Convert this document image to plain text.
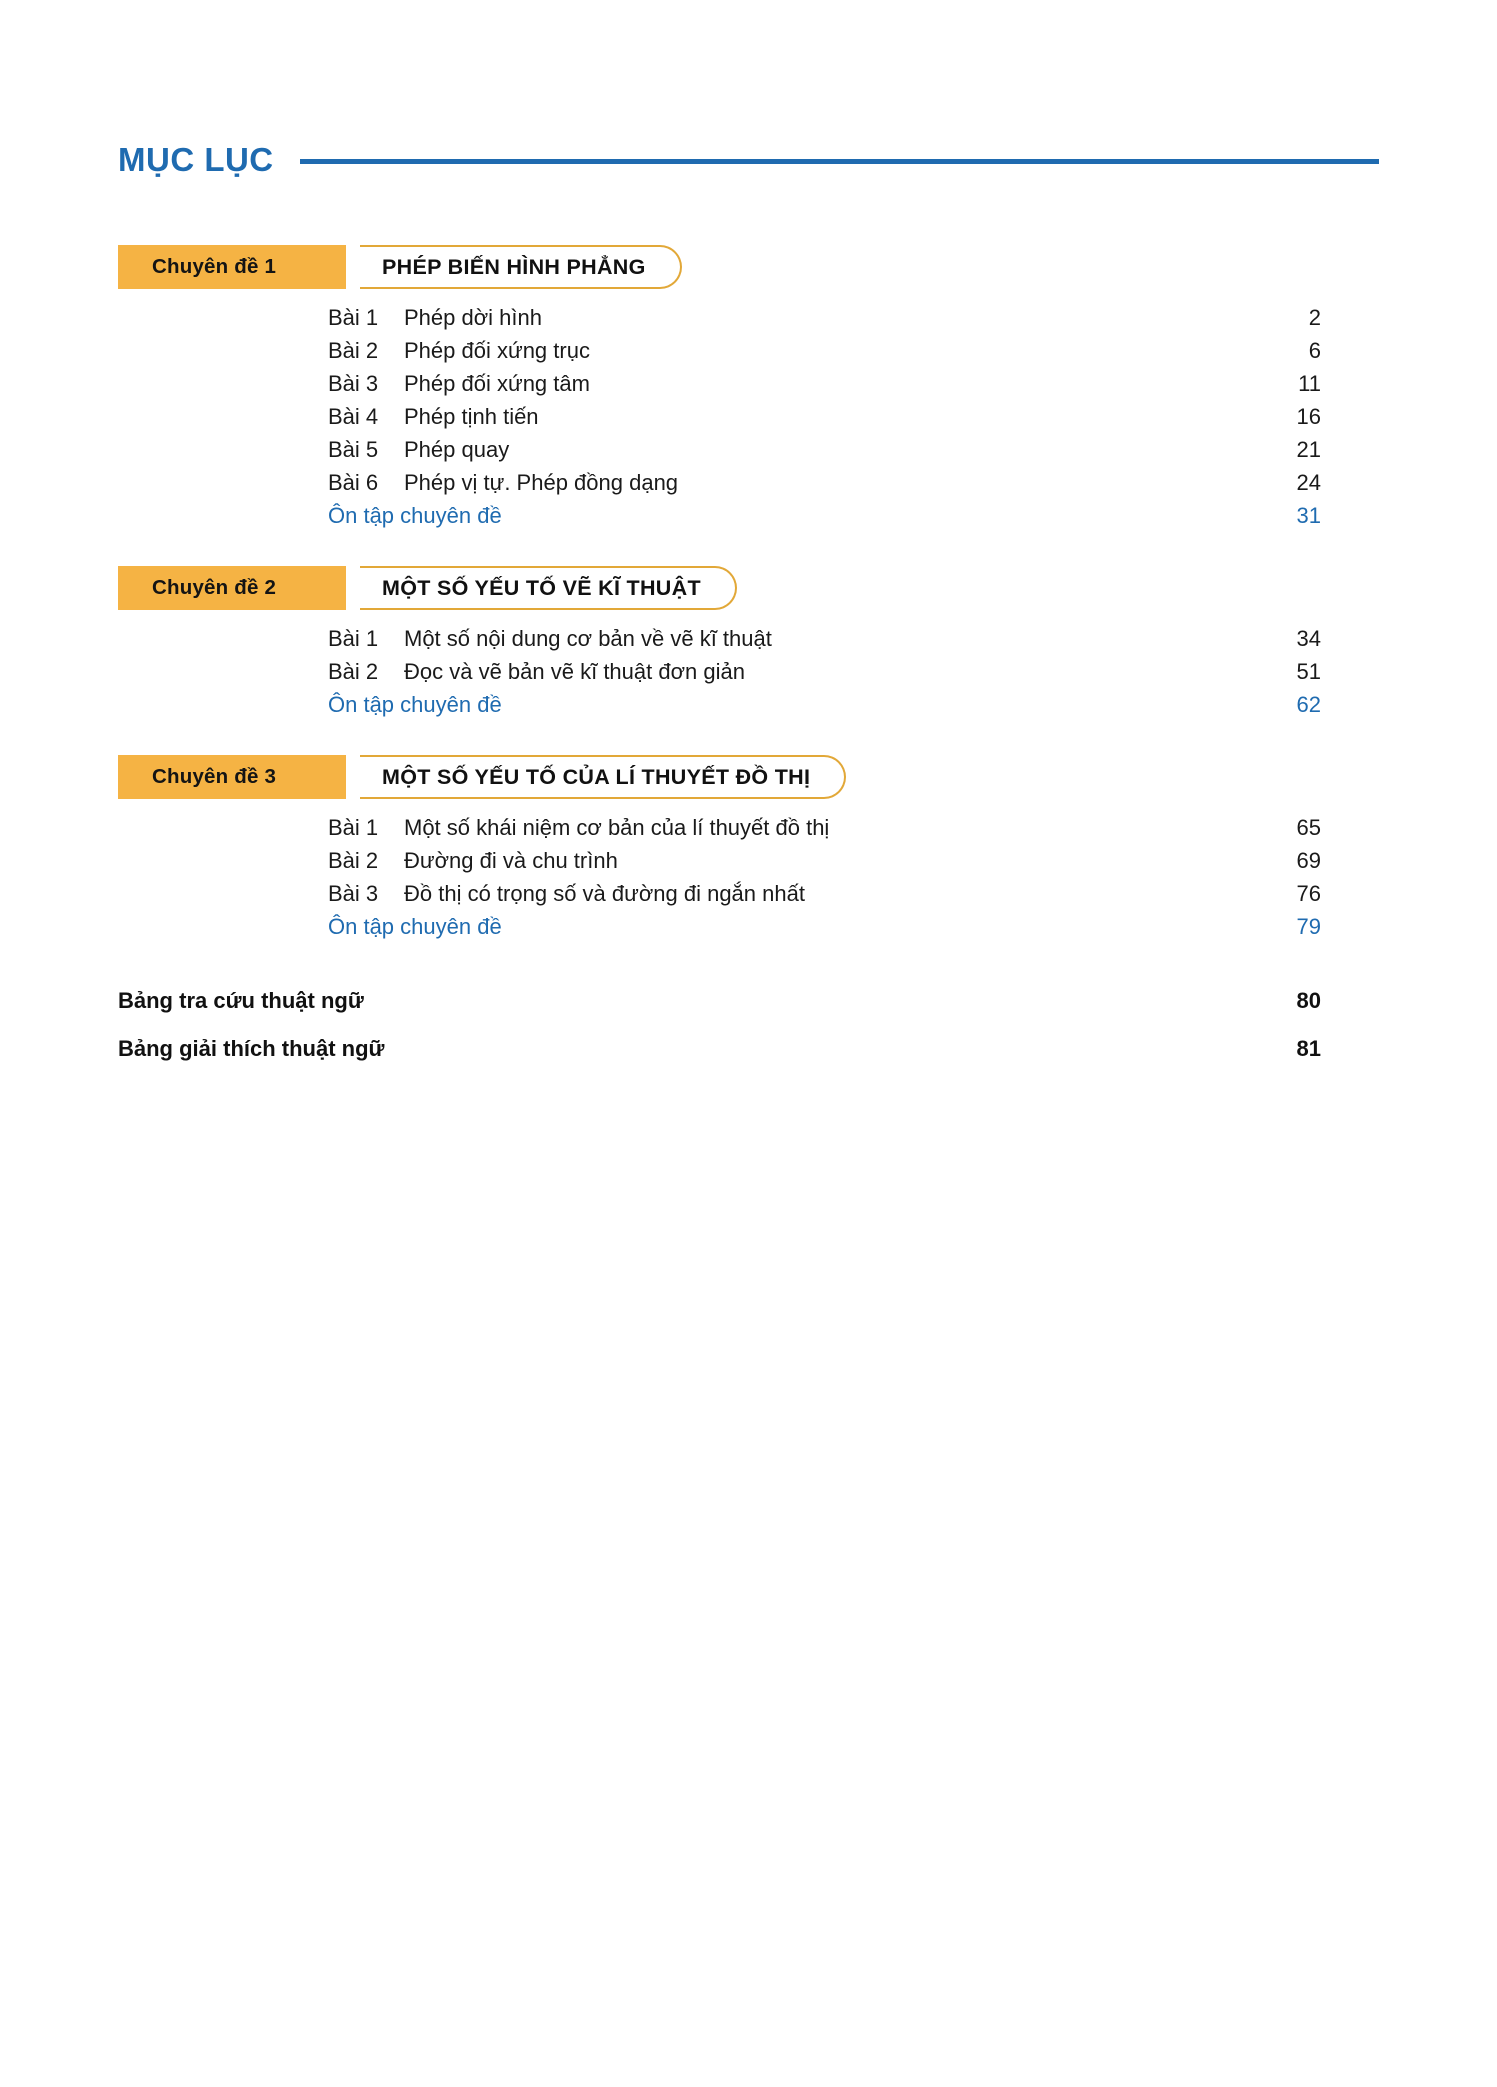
MỤC LỤC
Chuyên đề 1	PHÉP BIẾN HÌNH PHẲNG
Bài 1 Phép dời hình	2
Bài 2 Phép đối xứng trục	6
Bài 3 Phép đối xứng tâm	11
Bài 4 Phép tịnh tiến	16
Bài 5 Phép quay	21
Bài 6 Phép vị tự. Phép đồng dạng	24
Ôn tập chuyên đề	31
Chuyên đề 2	MỘT SỐ YẾU TỐ VẼ KĨ THUẬT
Bài 1 Một số nội dung cơ bản về vẽ kĩ thuật	34
Bài 2 Đọc và vẽ bản vẽ kĩ thuật đơn giản	51
Ôn tập chuyên đề	62
Chuyên đề 3	MỘT SỐ YẾU TỐ CỦA LÍ THUYẾT ĐỒ THỊ
Bài 1 Một số khái niệm cơ bản của lí thuyết đồ thị	65
Bài 2 Đường đi và chu trình	69
Bài 3 Đồ thị có trọng số và đường đi ngắn nhất	76
Ôn tập chuyên đề	79
Bảng tra cứu thuật ngữ	80
Bảng giải thích thuật ngữ	81
